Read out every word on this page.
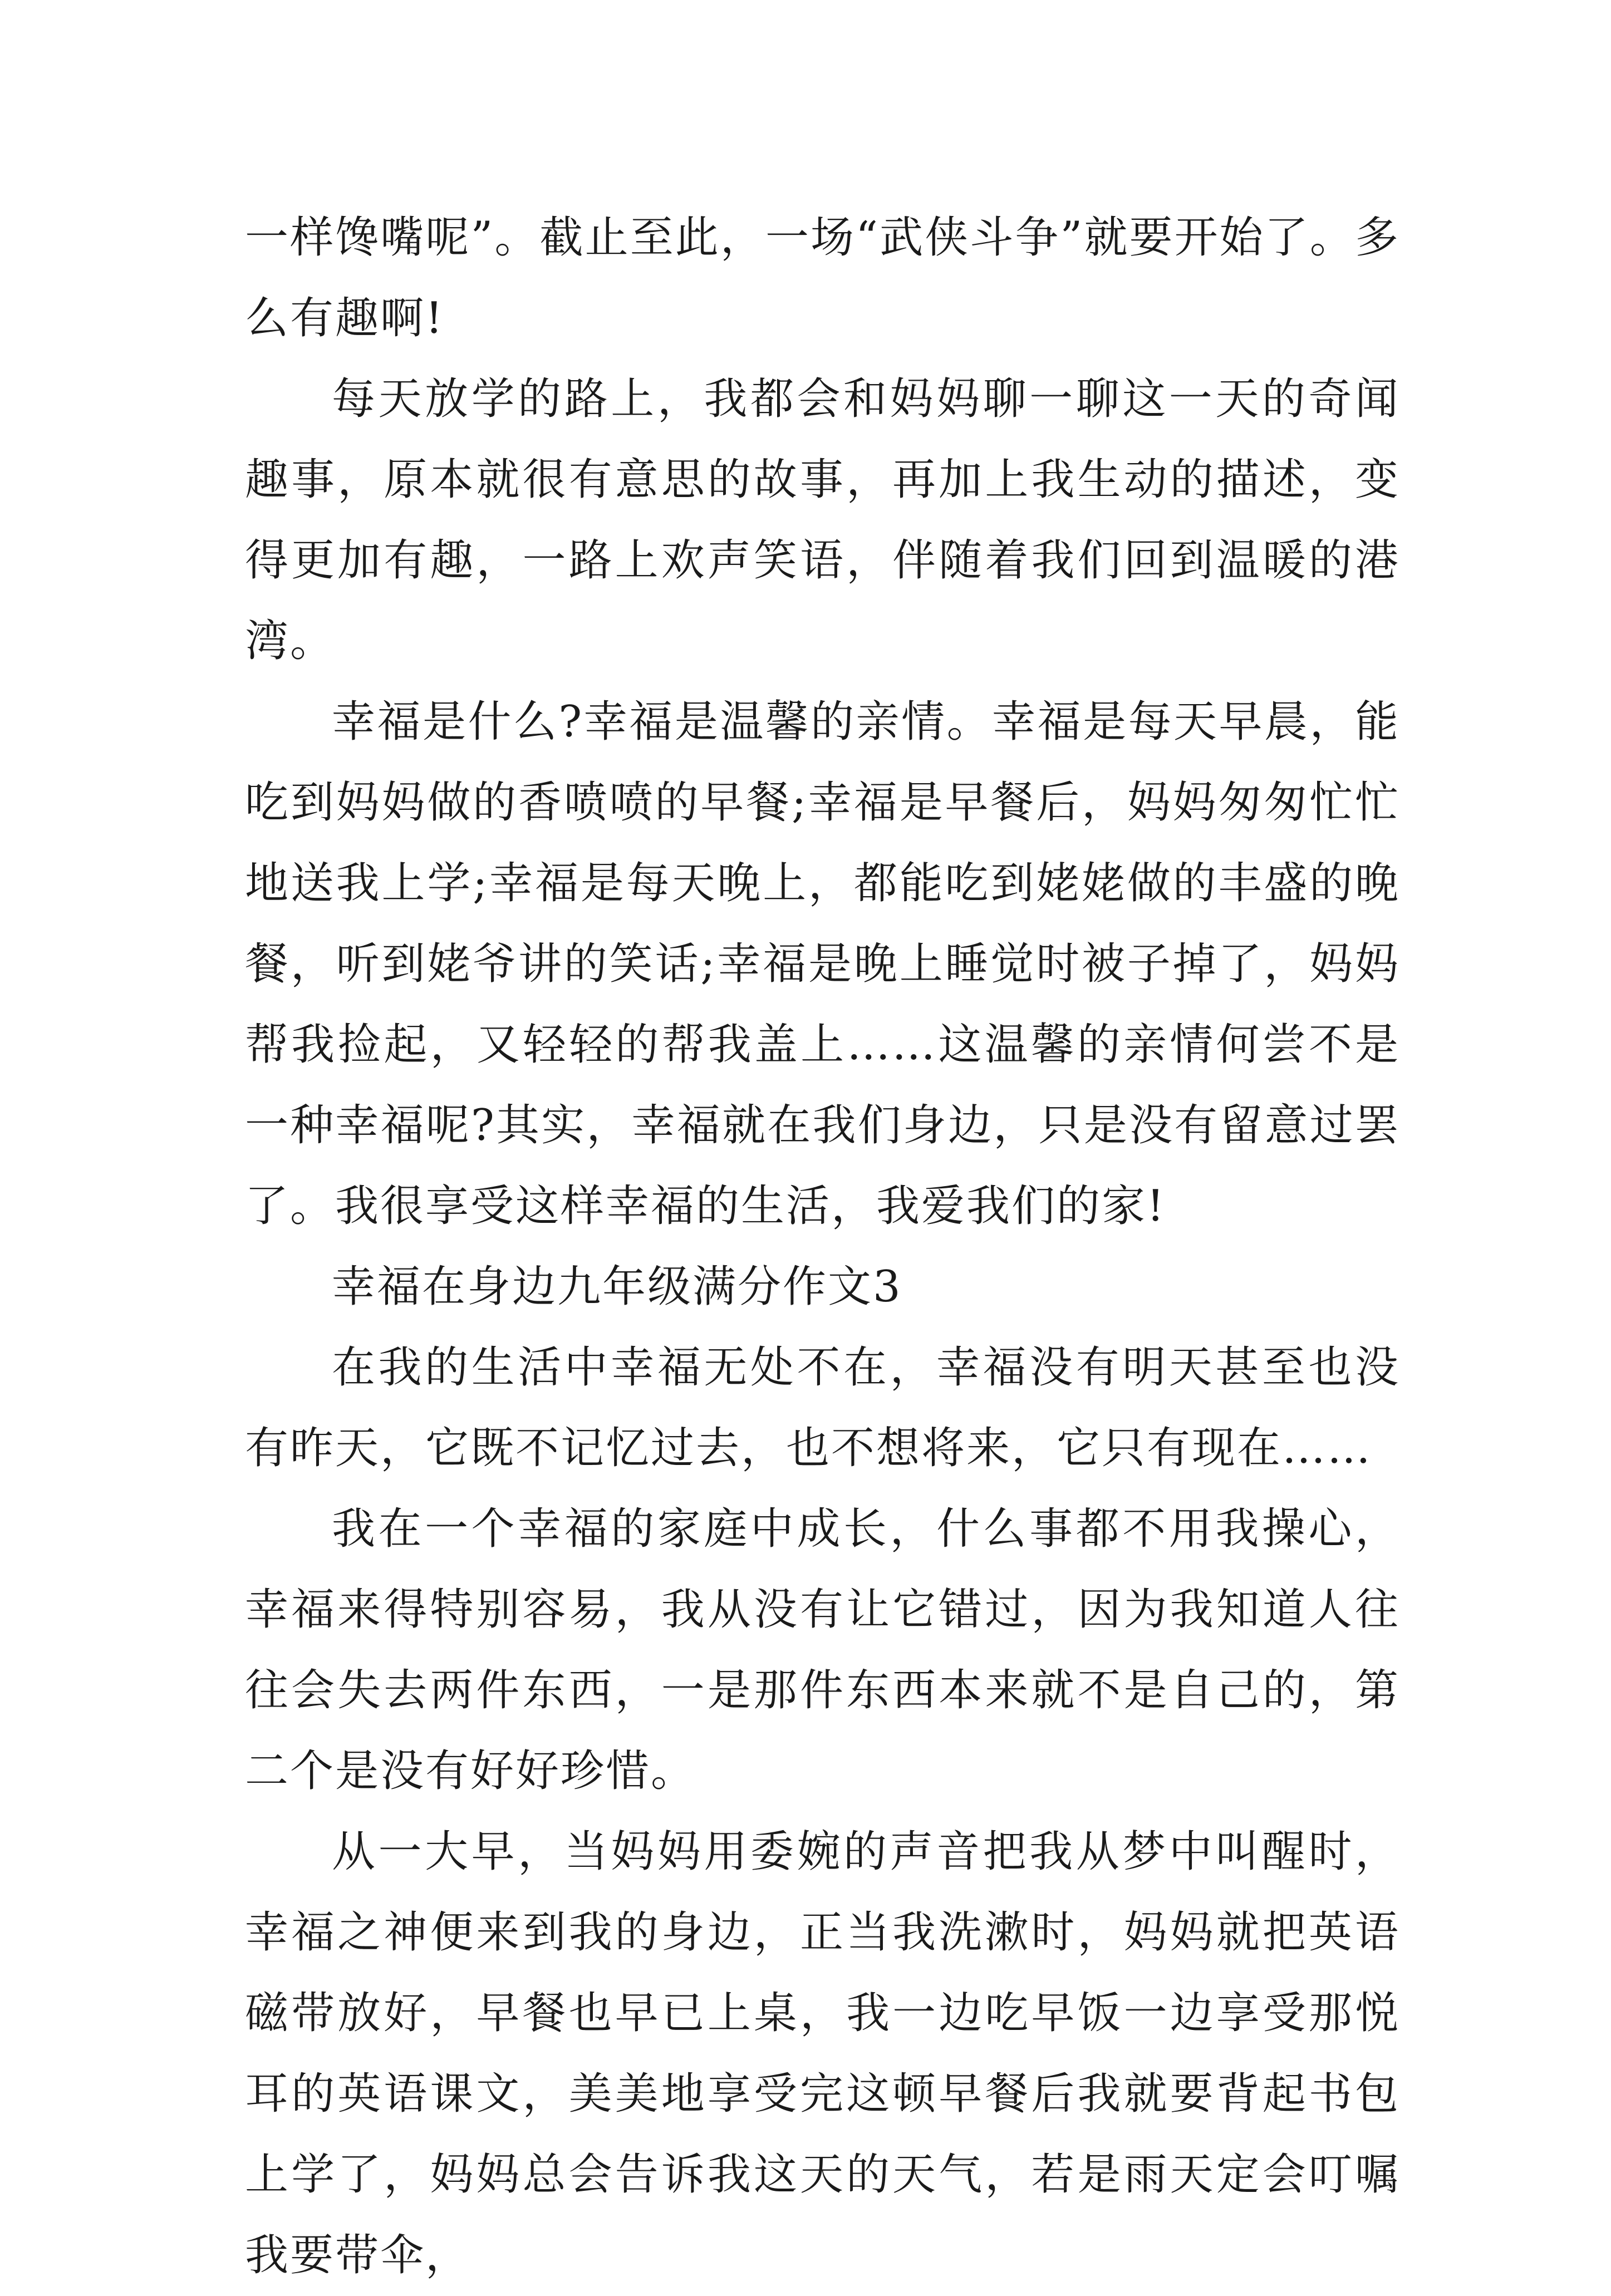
一样馋嘴呢”。截止至此，一场“武侠斗争”就要开始了。多么有趣啊!

每天放学的路上，我都会和妈妈聊一聊这一天的奇闻趣事，原本就很有意思的故事，再加上我生动的描述，变得更加有趣，一路上欢声笑语，伴随着我们回到温暖的港湾。

幸福是什么?幸福是温馨的亲情。幸福是每天早晨，能吃到妈妈做的香喷喷的早餐;幸福是早餐后，妈妈匆匆忙忙地送我上学;幸福是每天晚上，都能吃到姥姥做的丰盛的晚餐，听到姥爷讲的笑话;幸福是晚上睡觉时被子掉了，妈妈帮我捡起，又轻轻的帮我盖上……这温馨的亲情何尝不是一种幸福呢?其实，幸福就在我们身边，只是没有留意过罢了。我很享受这样幸福的生活，我爱我们的家!

幸福在身边九年级满分作文3

在我的生活中幸福无处不在，幸福没有明天甚至也没有昨天，它既不记忆过去，也不想将来，它只有现在……

我在一个幸福的家庭中成长，什么事都不用我操心，幸福来得特别容易，我从没有让它错过，因为我知道人往往会失去两件东西，一是那件东西本来就不是自己的，第二个是没有好好珍惜。

从一大早，当妈妈用委婉的声音把我从梦中叫醒时，幸福之神便来到我的身边，正当我洗漱时，妈妈就把英语磁带放好，早餐也早已上桌，我一边吃早饭一边享受那悦耳的英语课文，美美地享受完这顿早餐后我就要背起书包上学了，妈妈总会告诉我这天的天气，若是雨天定会叮嘱我要带伞，
